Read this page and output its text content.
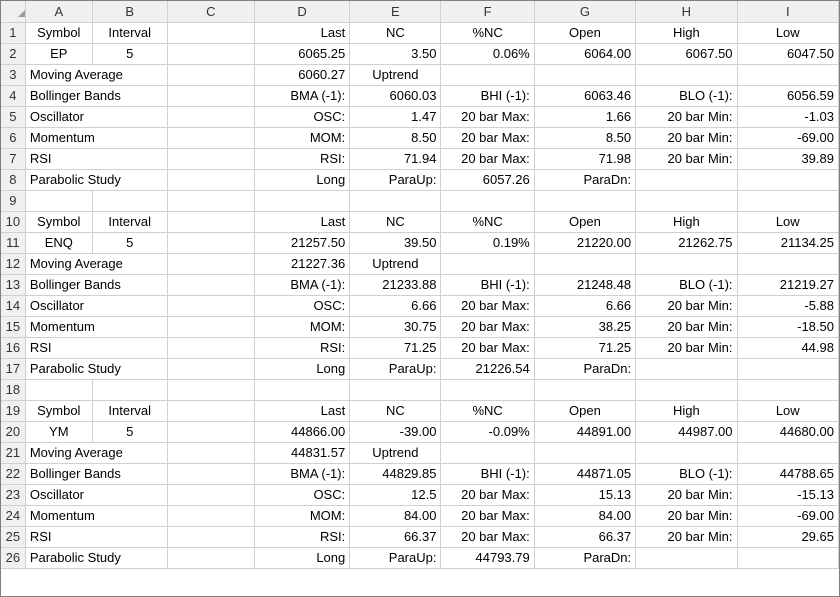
	A	B	C	D	E	F	G	H	I
1	Symbol	Interval		Last	NC	%NC	Open	High	Low
2	EP	5		6065.25	3.50	0.06%	6064.00	6067.50	6047.50
3	Moving Average			6060.27	Uptrend				
4	Bollinger Bands			BMA (-1):	6060.03	BHI (-1):	6063.46	BLO (-1):	6056.59
5	Oscillator			OSC:	1.47	20 bar Max:	1.66	20 bar Min:	-1.03
6	Momentum			MOM:	8.50	20 bar Max:	8.50	20 bar Min:	-69.00
7	RSI			RSI:	71.94	20 bar Max:	71.98	20 bar Min:	39.89
8	Parabolic Study			Long	ParaUp:	6057.26	ParaDn:		
9									
10	Symbol	Interval		Last	NC	%NC	Open	High	Low
11	ENQ	5		21257.50	39.50	0.19%	21220.00	21262.75	21134.25
12	Moving Average			21227.36	Uptrend				
13	Bollinger Bands			BMA (-1):	21233.88	BHI (-1):	21248.48	BLO (-1):	21219.27
14	Oscillator			OSC:	6.66	20 bar Max:	6.66	20 bar Min:	-5.88
15	Momentum			MOM:	30.75	20 bar Max:	38.25	20 bar Min:	-18.50
16	RSI			RSI:	71.25	20 bar Max:	71.25	20 bar Min:	44.98
17	Parabolic Study			Long	ParaUp:	21226.54	ParaDn:		
18									
19	Symbol	Interval		Last	NC	%NC	Open	High	Low
20	YM	5		44866.00	-39.00	-0.09%	44891.00	44987.00	44680.00
21	Moving Average			44831.57	Uptrend				
22	Bollinger Bands			BMA (-1):	44829.85	BHI (-1):	44871.05	BLO (-1):	44788.65
23	Oscillator			OSC:	12.5	20 bar Max:	15.13	20 bar Min:	-15.13
24	Momentum			MOM:	84.00	20 bar Max:	84.00	20 bar Min:	-69.00
25	RSI			RSI:	66.37	20 bar Max:	66.37	20 bar Min:	29.65
26	Parabolic Study			Long	ParaUp:	44793.79	ParaDn:		
